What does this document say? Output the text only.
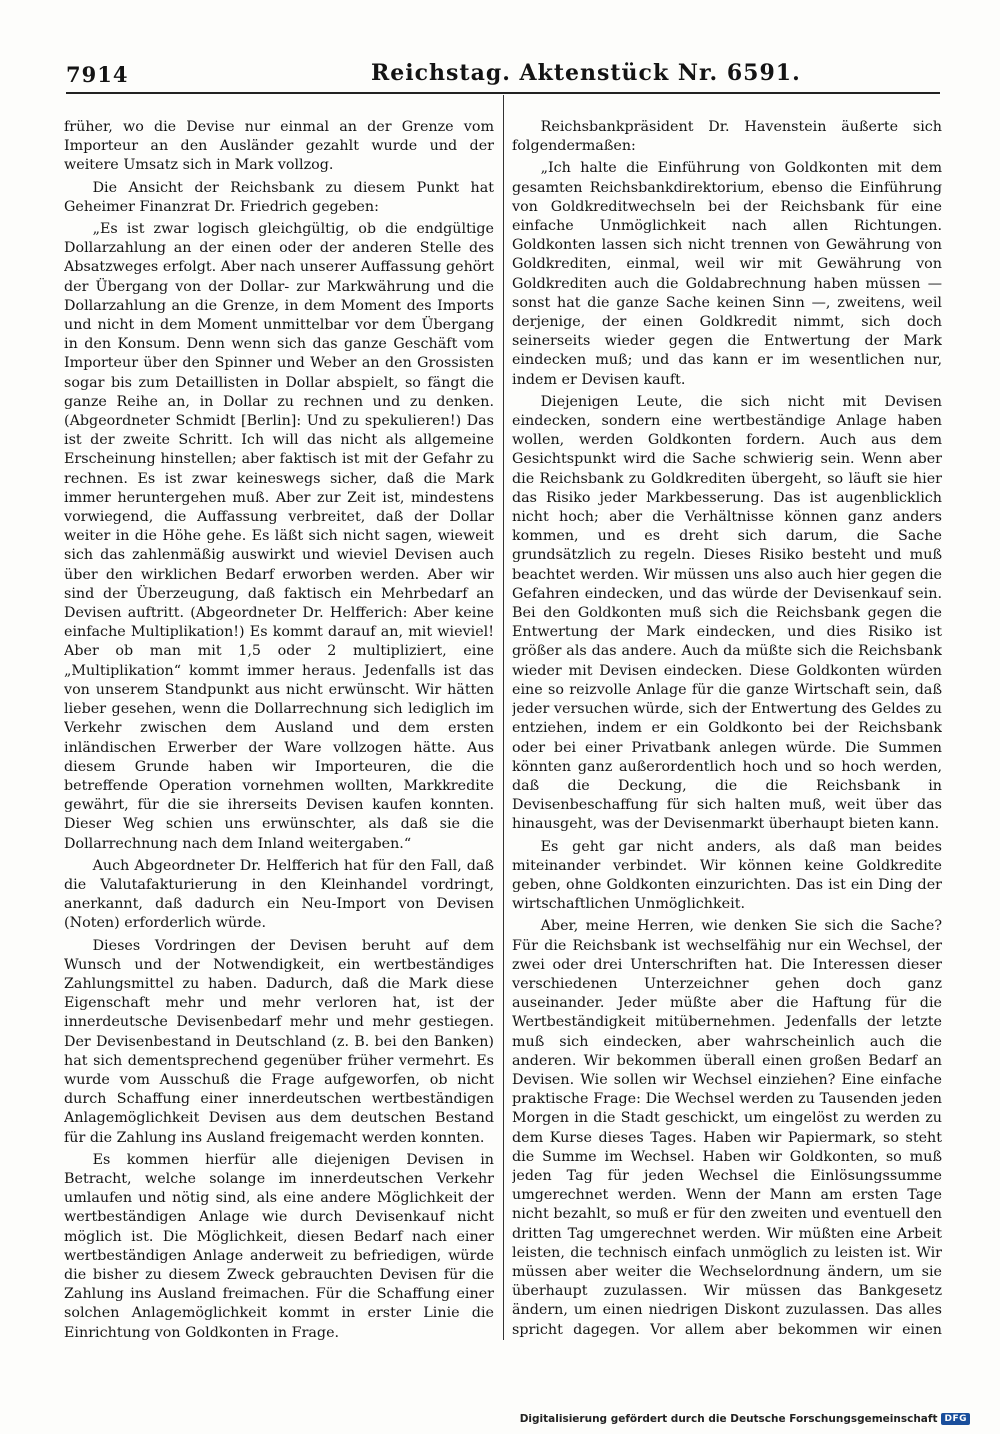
7914	Reichstag. Aktenstück Nr. 6591.

früher, wo die Devise nur einmal an der Grenze vom Importeur an den Ausländer gezahlt wurde und der weitere Umsatz sich in Mark vollzog.

Die Ansicht der Reichsbank zu diesem Punkt hat Geheimer Finanzrat Dr. Friedrich gegeben:

„Es ist zwar logisch gleichgültig, ob die endgültige Dollarzahlung an der einen oder der anderen Stelle des Absatzweges erfolgt. Aber nach unserer Auffassung gehört der Übergang von der Dollar- zur Markwährung und die Dollarzahlung an die Grenze, in dem Moment des Imports und nicht in dem Moment unmittelbar vor dem Übergang in den Konsum. Denn wenn sich das ganze Geschäft vom Importeur über den Spinner und Weber an den Grossisten sogar bis zum Detaillisten in Dollar abspielt, so fängt die ganze Reihe an, in Dollar zu rechnen und zu denken. (Abgeordneter Schmidt [Berlin]: Und zu spekulieren!) Das ist der zweite Schritt. Ich will das nicht als allgemeine Erscheinung hinstellen; aber faktisch ist mit der Gefahr zu rechnen. Es ist zwar keineswegs sicher, daß die Mark immer heruntergehen muß. Aber zur Zeit ist, mindestens vorwiegend, die Auffassung verbreitet, daß der Dollar weiter in die Höhe gehe. Es läßt sich nicht sagen, wieweit sich das zahlenmäßig auswirkt und wieviel Devisen auch über den wirklichen Bedarf erworben werden. Aber wir sind der Überzeugung, daß faktisch ein Mehrbedarf an Devisen auftritt. (Abgeordneter Dr. Helfferich: Aber keine einfache Multiplikation!) Es kommt darauf an, mit wieviel! Aber ob man mit 1,5 oder 2 multipliziert, eine „Multiplikation“ kommt immer heraus. Jedenfalls ist das von unserem Standpunkt aus nicht erwünscht. Wir hätten lieber gesehen, wenn die Dollarrechnung sich lediglich im Verkehr zwischen dem Ausland und dem ersten inländischen Erwerber der Ware vollzogen hätte. Aus diesem Grunde haben wir Importeuren, die die betreffende Operation vornehmen wollten, Markkredite gewährt, für die sie ihrerseits Devisen kaufen konnten. Dieser Weg schien uns erwünschter, als daß sie die Dollarrechnung nach dem Inland weitergaben.“

Auch Abgeordneter Dr. Helfferich hat für den Fall, daß die Valutafakturierung in den Kleinhandel vordringt, anerkannt, daß dadurch ein Neu-Import von Devisen (Noten) erforderlich würde.

Dieses Vordringen der Devisen beruht auf dem Wunsch und der Notwendigkeit, ein wertbeständiges Zahlungsmittel zu haben. Dadurch, daß die Mark diese Eigenschaft mehr und mehr verloren hat, ist der innerdeutsche Devisenbedarf mehr und mehr gestiegen. Der Devisenbestand in Deutschland (z. B. bei den Banken) hat sich dementsprechend gegenüber früher vermehrt. Es wurde vom Ausschuß die Frage aufgeworfen, ob nicht durch Schaffung einer innerdeutschen wertbeständigen Anlagemöglichkeit Devisen aus dem deutschen Bestand für die Zahlung ins Ausland freigemacht werden konnten.

Es kommen hierfür alle diejenigen Devisen in Betracht, welche solange im innerdeutschen Verkehr umlaufen und nötig sind, als eine andere Möglichkeit der wertbeständigen Anlage wie durch Devisenkauf nicht möglich ist. Die Möglichkeit, diesen Bedarf nach einer wertbeständigen Anlage anderweit zu befriedigen, würde die bisher zu diesem Zweck gebrauchten Devisen für die Zahlung ins Ausland freimachen. Für die Schaffung einer solchen Anlagemöglichkeit kommt in erster Linie die Einrichtung von Goldkonten in Frage.

Reichsbankpräsident Dr. Havenstein äußerte sich folgendermaßen:

„Ich halte die Einführung von Goldkonten mit dem gesamten Reichsbankdirektorium, ebenso die Einführung von Goldkreditwechseln bei der Reichsbank für eine einfache Unmöglichkeit nach allen Richtungen. Goldkonten lassen sich nicht trennen von Gewährung von Goldkrediten, einmal, weil wir mit Gewährung von Goldkrediten auch die Goldabrechnung haben müssen — sonst hat die ganze Sache keinen Sinn —, zweitens, weil derjenige, der einen Goldkredit nimmt, sich doch seinerseits wieder gegen die Entwertung der Mark eindecken muß; und das kann er im wesentlichen nur, indem er Devisen kauft.

Diejenigen Leute, die sich nicht mit Devisen eindecken, sondern eine wertbeständige Anlage haben wollen, werden Goldkonten fordern. Auch aus dem Gesichtspunkt wird die Sache schwierig sein. Wenn aber die Reichsbank zu Goldkrediten übergeht, so läuft sie hier das Risiko jeder Markbesserung. Das ist augenblicklich nicht hoch; aber die Verhältnisse können ganz anders kommen, und es dreht sich darum, die Sache grundsätzlich zu regeln. Dieses Risiko besteht und muß beachtet werden. Wir müssen uns also auch hier gegen die Gefahren eindecken, und das würde der Devisenkauf sein. Bei den Goldkonten muß sich die Reichsbank gegen die Entwertung der Mark eindecken, und dies Risiko ist größer als das andere. Auch da müßte sich die Reichsbank wieder mit Devisen eindecken. Diese Goldkonten würden eine so reizvolle Anlage für die ganze Wirtschaft sein, daß jeder versuchen würde, sich der Entwertung des Geldes zu entziehen, indem er ein Goldkonto bei der Reichsbank oder bei einer Privatbank anlegen würde. Die Summen könnten ganz außerordentlich hoch und so hoch werden, daß die Deckung, die die Reichsbank in Devisenbeschaffung für sich halten muß, weit über das hinausgeht, was der Devisenmarkt überhaupt bieten kann.

Es geht gar nicht anders, als daß man beides miteinander verbindet. Wir können keine Goldkredite geben, ohne Goldkonten einzurichten. Das ist ein Ding der wirtschaftlichen Unmöglichkeit.

Aber, meine Herren, wie denken Sie sich die Sache? Für die Reichsbank ist wechselfähig nur ein Wechsel, der zwei oder drei Unterschriften hat. Die Interessen dieser verschiedenen Unterzeichner gehen doch ganz auseinander. Jeder müßte aber die Haftung für die Wertbeständigkeit mitübernehmen. Jedenfalls der letzte muß sich eindecken, aber wahrscheinlich auch die anderen. Wir bekommen überall einen großen Bedarf an Devisen. Wie sollen wir Wechsel einziehen? Eine einfache praktische Frage: Die Wechsel werden zu Tausenden jeden Morgen in die Stadt geschickt, um eingelöst zu werden zu dem Kurse dieses Tages. Haben wir Papiermark, so steht die Summe im Wechsel. Haben wir Goldkonten, so muß jeden Tag für jeden Wechsel die Einlösungssumme umgerechnet werden. Wenn der Mann am ersten Tage nicht bezahlt, so muß er für den zweiten und eventuell den dritten Tag umgerechnet werden. Wir müßten eine Arbeit leisten, die technisch einfach unmöglich zu leisten ist. Wir müssen aber weiter die Wechselordnung ändern, um sie überhaupt zuzulassen. Wir müssen das Bankgesetz ändern, um einen niedrigen Diskont zuzulassen. Das alles spricht dagegen. Vor allem aber bekommen wir einen

Digitalisierung gefördert durch die Deutsche Forschungsgemeinschaft DFG
